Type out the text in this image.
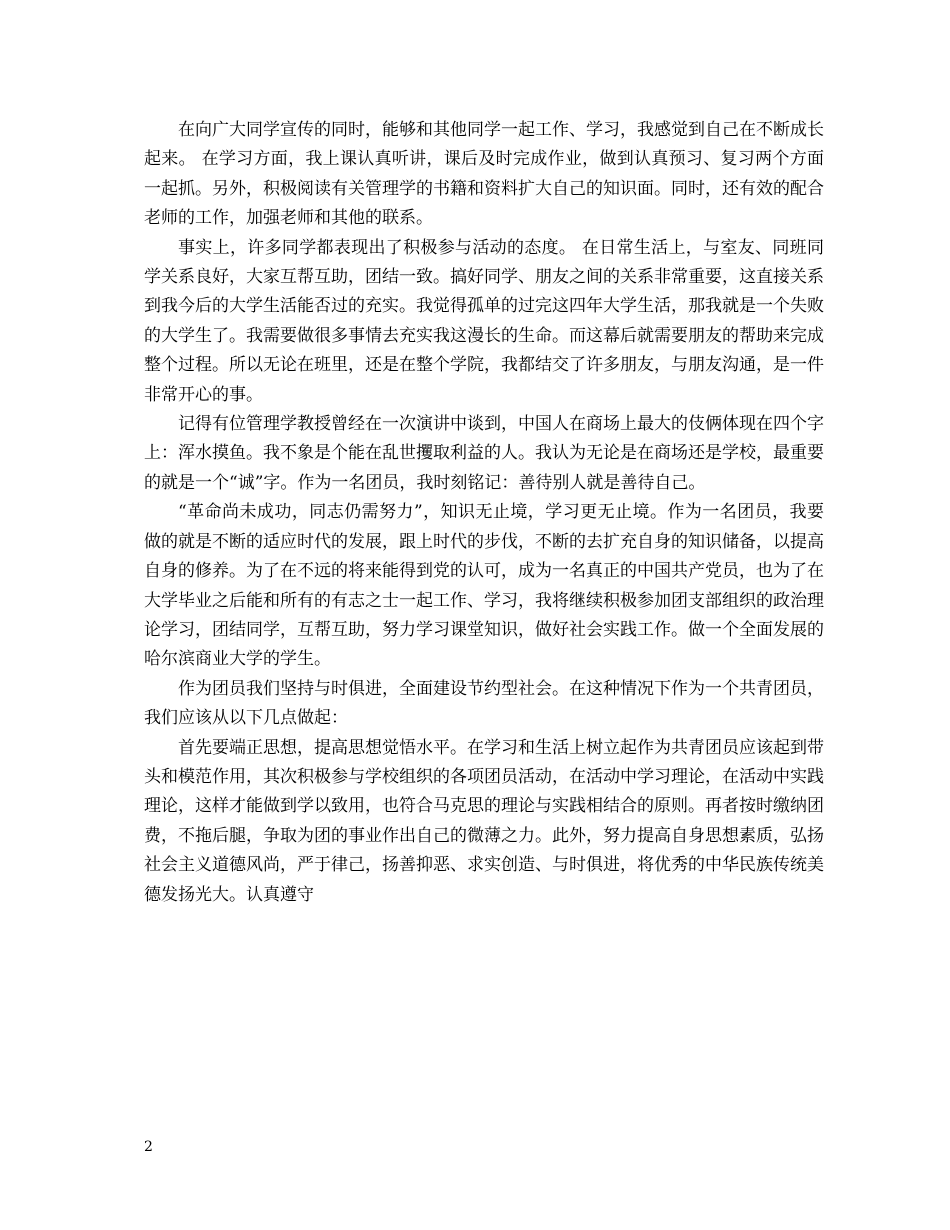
在向广大同学宣传的同时，能够和其他同学一起工作、学习，我感觉到自己在不断成长起来。 在学习方面，我上课认真听讲，课后及时完成作业，做到认真预习、复习两个方面一起抓。另外，积极阅读有关管理学的书籍和资料扩大自己的知识面。同时，还有效的配合老师的工作，加强老师和其他的联系。

事实上，许多同学都表现出了积极参与活动的态度。 在日常生活上，与室友、同班同学关系良好，大家互帮互助，团结一致。搞好同学、朋友之间的关系非常重要，这直接关系到我今后的大学生活能否过的充实。我觉得孤单的过完这四年大学生活，那我就是一个失败的大学生了。我需要做很多事情去充实我这漫长的生命。而这幕后就需要朋友的帮助来完成整个过程。所以无论在班里，还是在整个学院，我都结交了许多朋友，与朋友沟通，是一件非常开心的事。

记得有位管理学教授曾经在一次演讲中谈到，中国人在商场上最大的伎俩体现在四个字上：浑水摸鱼。我不象是个能在乱世攫取利益的人。我认为无论是在商场还是学校，最重要的就是一个“诚”字。作为一名团员，我时刻铭记：善待别人就是善待自己。

“革命尚未成功，同志仍需努力”，知识无止境，学习更无止境。作为一名团员，我要做的就是不断的适应时代的发展，跟上时代的步伐，不断的去扩充自身的知识储备，以提高自身的修养。为了在不远的将来能得到党的认可，成为一名真正的中国共产党员，也为了在大学毕业之后能和所有的有志之士一起工作、学习，我将继续积极参加团支部组织的政治理论学习，团结同学，互帮互助，努力学习课堂知识，做好社会实践工作。做一个全面发展的哈尔滨商业大学的学生。

作为团员我们坚持与时俱进，全面建设节约型社会。在这种情况下作为一个共青团员，我们应该从以下几点做起：

首先要端正思想，提高思想觉悟水平。在学习和生活上树立起作为共青团员应该起到带头和模范作用，其次积极参与学校组织的各项团员活动，在活动中学习理论，在活动中实践理论，这样才能做到学以致用，也符合马克思的理论与实践相结合的原则。再者按时缴纳团费，不拖后腿，争取为团的事业作出自己的微薄之力。此外，努力提高自身思想素质，弘扬社会主义道德风尚，严于律己，扬善抑恶、求实创造、与时俱进，将优秀的中华民族传统美德发扬光大。认真遵守

2
